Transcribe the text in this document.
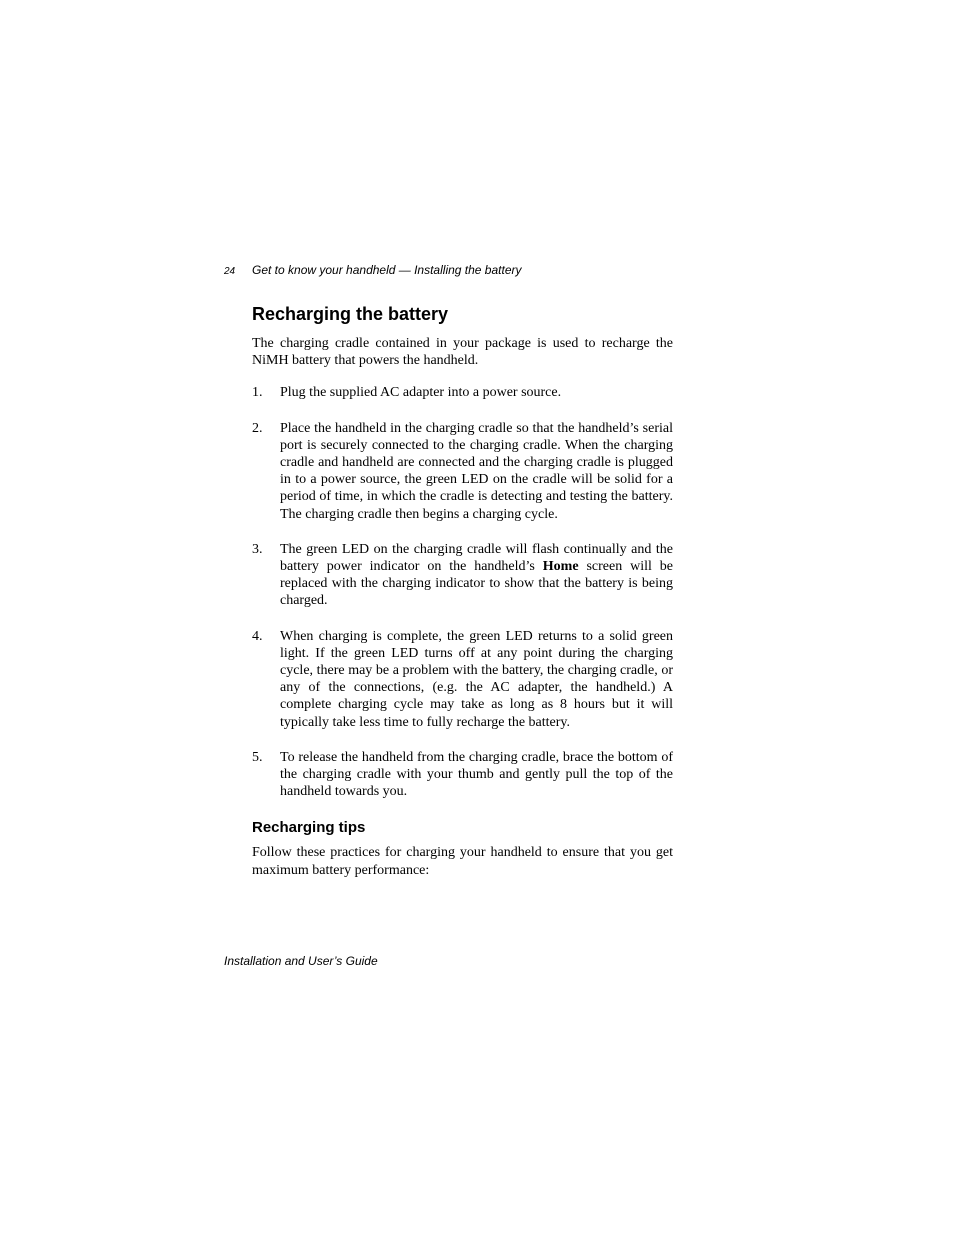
24 Get to know your handheld — Installing the battery
Recharging the battery

The charging cradle contained in your package is used to recharge the NiMH battery that powers the handheld.

1.	Plug the supplied AC adapter into a power source.
2.	Place the handheld in the charging cradle so that the handheld’s serial port is securely connected to the charging cradle. When the charging cradle and handheld are connected and the charging cradle is plugged in to a power source, the green LED on the cradle will be solid for a period of time, in which the cradle is detecting and testing the battery. The charging cradle then begins a charging cycle.
3.	The green LED on the charging cradle will flash continually and the battery power indicator on the handheld’s Home screen will be replaced with the charging indicator to show that the battery is being charged.
4.	When charging is complete, the green LED returns to a solid green light. If the green LED turns off at any point during the charging cycle, there may be a problem with the battery, the charging cradle, or any of the connections, (e.g. the AC adapter, the handheld.) A complete charging cycle may take as long as 8 hours but it will typically take less time to fully recharge the battery.
5.	To release the handheld from the charging cradle, brace the bottom of the charging cradle with your thumb and gently pull the top of the handheld towards you.
Recharging tips

Follow these practices for charging your handheld to ensure that you get maximum battery performance:

Installation and User’s Guide
